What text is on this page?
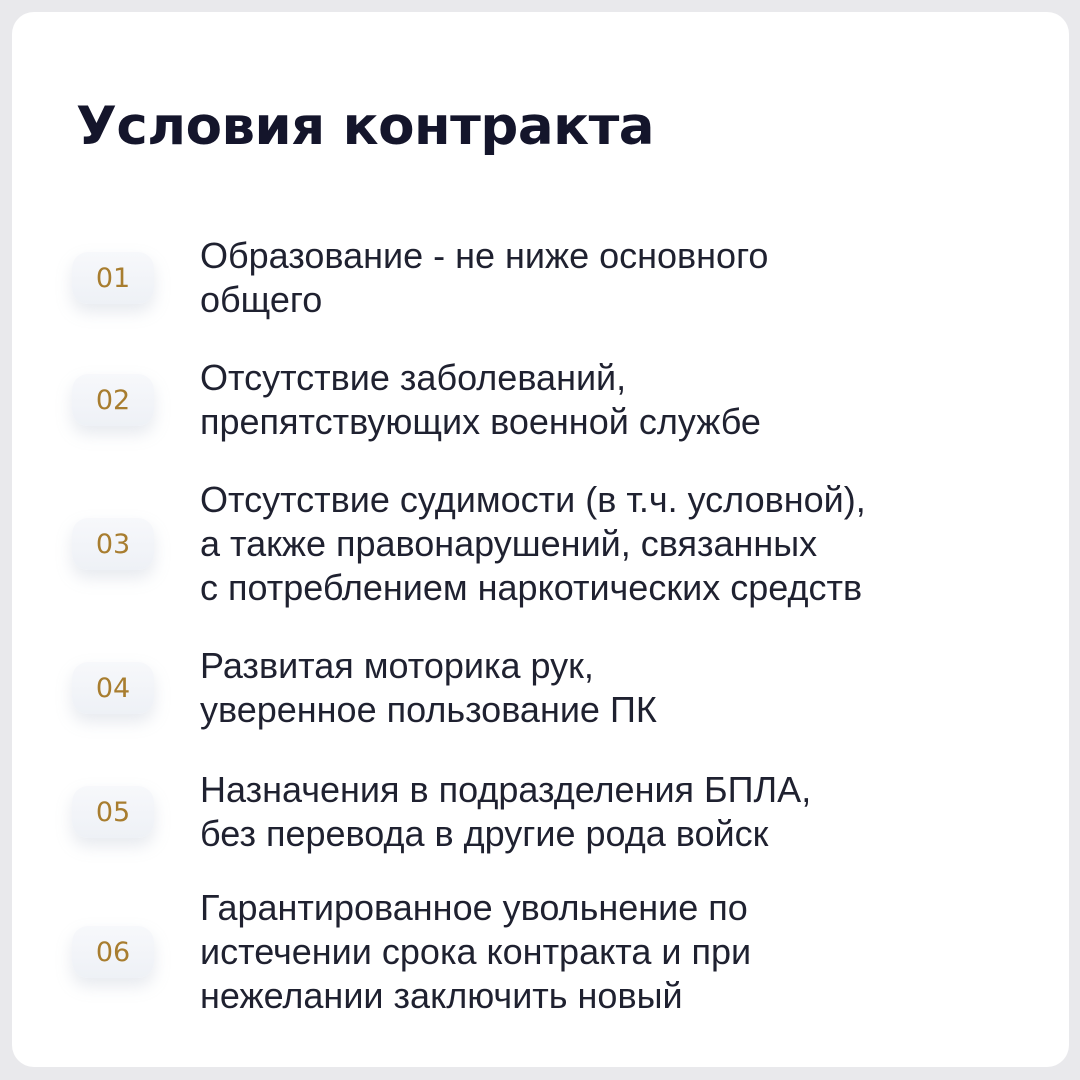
Условия контракта
01
Образование - не ниже основного
общего
02
Отсутствие заболеваний,
препятствующих военной службе
03
Отсутствие судимости (в т.ч. условной),
а также правонарушений, связанных
с потреблением наркотических средств
04
Развитая моторика рук,
уверенное пользование ПК
05
Назначения в подразделения БПЛА,
без перевода в другие рода войск
06
Гарантированное увольнение по
истечении срока контракта и при
нежелании заключить новый
